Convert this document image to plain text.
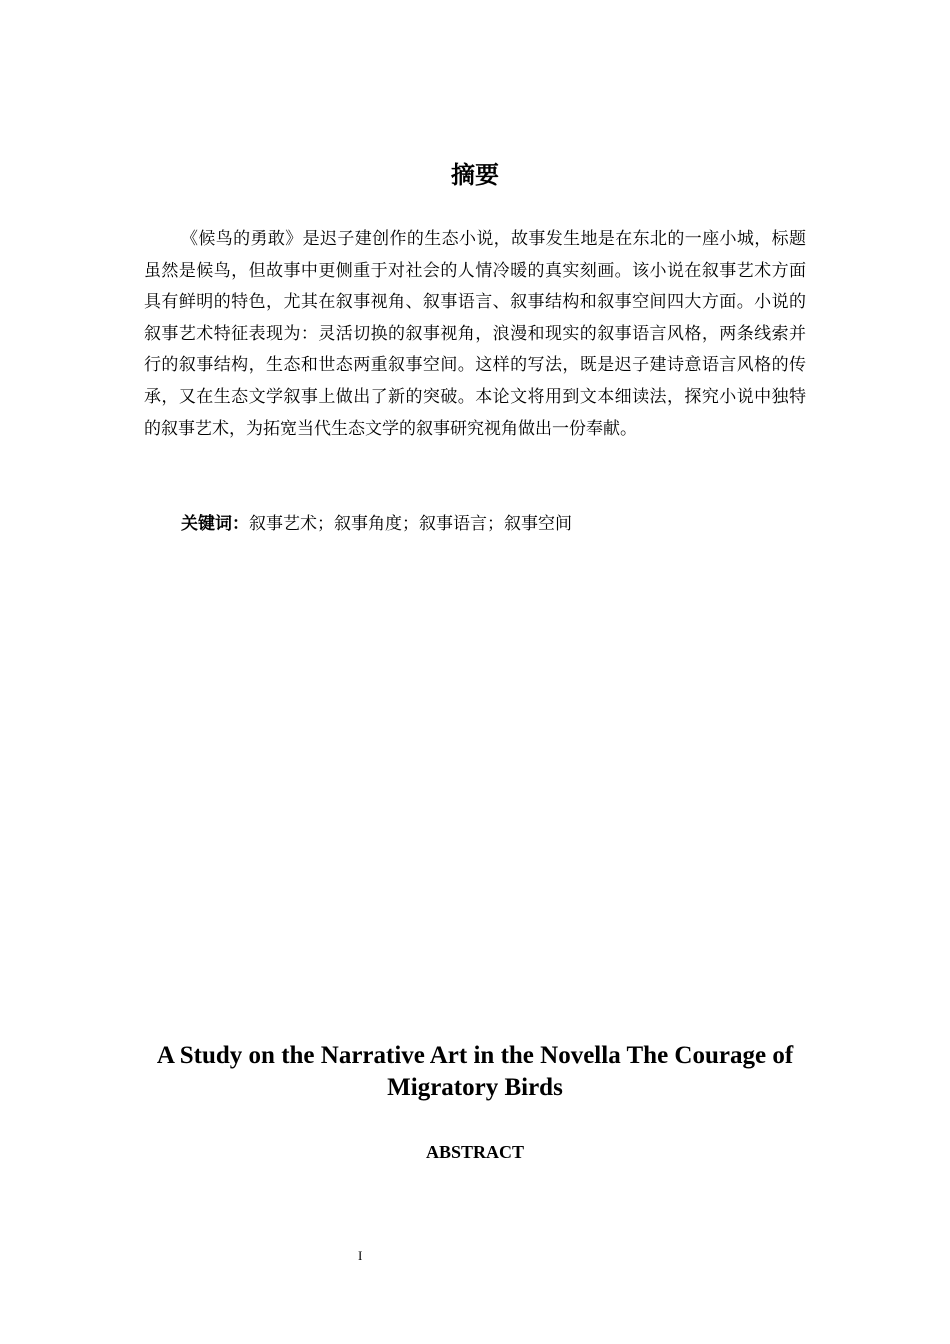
摘要

《候鸟的勇敢》是迟子建创作的生态小说，故事发生地是在东北的一座小城，标题虽然是候鸟，但故事中更侧重于对社会的人情冷暖的真实刻画。该小说在叙事艺术方面具有鲜明的特色，尤其在叙事视角、叙事语言、叙事结构和叙事空间四大方面。小说的叙事艺术特征表现为：灵活切换的叙事视角，浪漫和现实的叙事语言风格，两条线索并行的叙事结构，生态和世态两重叙事空间。这样的写法，既是迟子建诗意语言风格的传承，又在生态文学叙事上做出了新的突破。本论文将用到文本细读法，探究小说中独特的叙事艺术，为拓宽当代生态文学的叙事研究视角做出一份奉献。

关键词：叙事艺术；叙事角度；叙事语言；叙事空间

A Study on the Narrative Art in the Novella The Courage of Migratory Birds
ABSTRACT
I
